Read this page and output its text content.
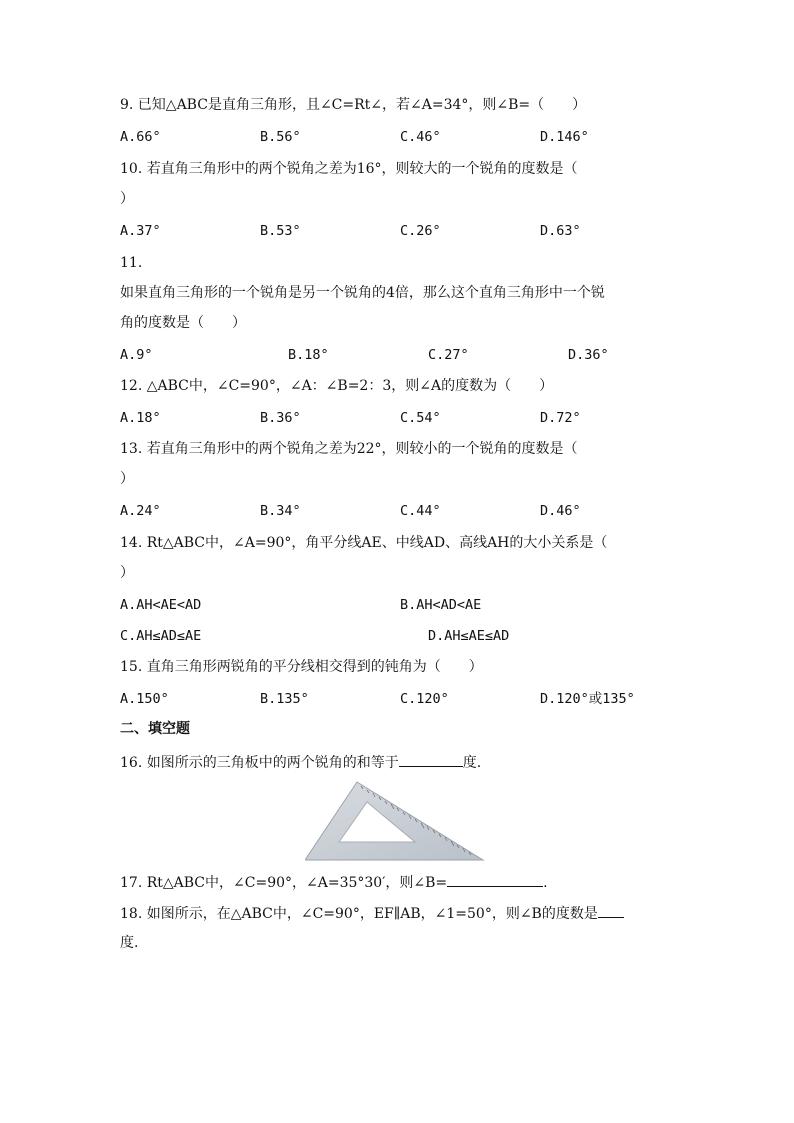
9. 已知△ABC是直角三角形，且∠C=Rt∠，若∠A=34°，则∠B=（　　）
A.66°	B.56°	C.46°	D.146°
10. 若直角三角形中的两个锐角之差为16°，则较大的一个锐角的度数是（
）
A.37°	B.53°	C.26°	D.63°
11.
如果直角三角形的一个锐角是另一个锐角的4倍，那么这个直角三角形中一个锐
角的度数是（　　）
A.9°	B.18°	C.27°	D.36°
12. △ABC中，∠C=90°，∠A：∠B=2：3，则∠A的度数为（　　）
A.18°	B.36°	C.54°	D.72°
13. 若直角三角形中的两个锐角之差为22°，则较小的一个锐角的度数是（
）
A.24°	B.34°	C.44°	D.46°
14. Rt△ABC中，∠A=90°，角平分线AE、中线AD、高线AH的大小关系是（
）
A.AH<AE<AD	B.AH<AD<AE
C.AH≤AD≤AE	D.AH≤AE≤AD
15. 直角三角形两锐角的平分线相交得到的钝角为（　　）
A.150°	B.135°	C.120°	D.120°或135°
二、填空题
16. 如图所示的三角板中的两个锐角的和等于	度.
17. Rt△ABC中，∠C=90°，∠A=35°30′，则∠B=	.
18. 如图所示，在△ABC中，∠C=90°，EF∥AB，∠1=50°，则∠B的度数是
度.
